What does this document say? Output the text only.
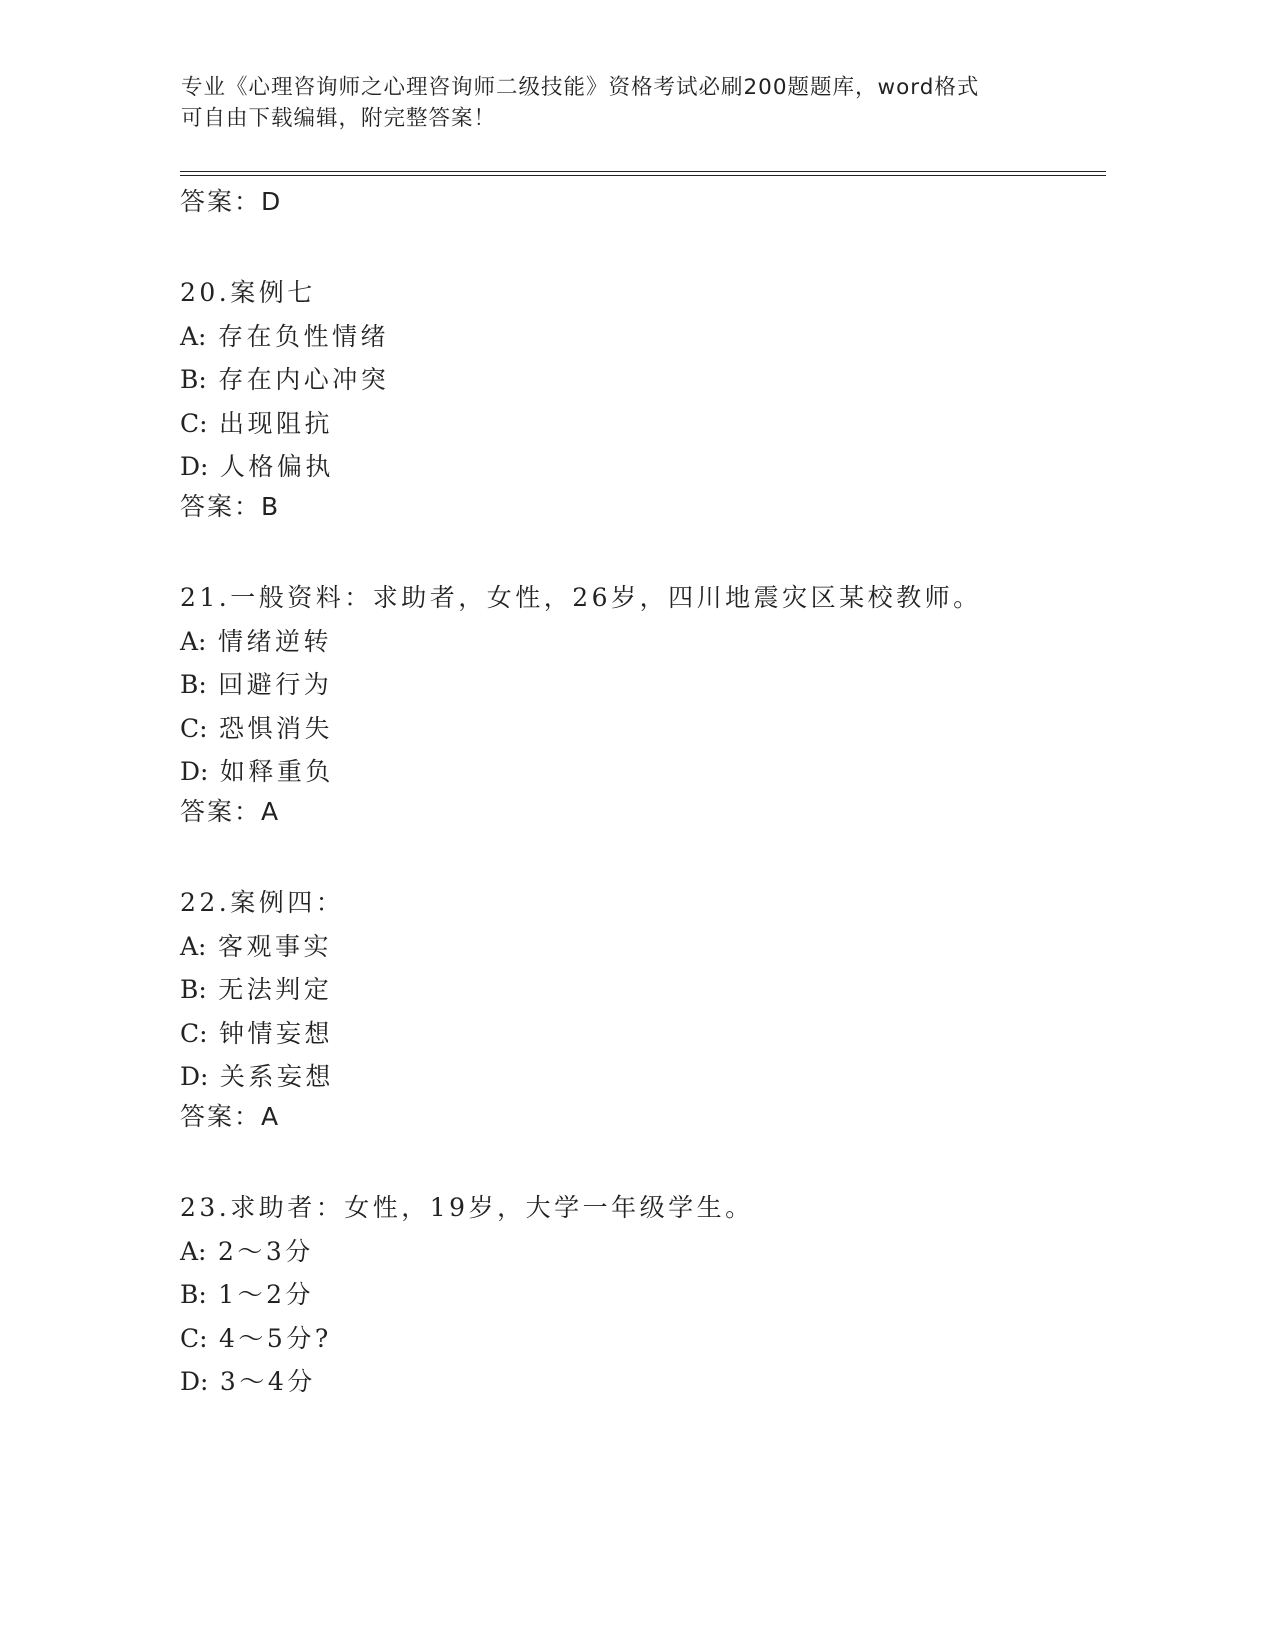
专业《心理咨询师之心理咨询师二级技能》资格考试必刷200题题库，word格式
可自由下载编辑，附完整答案！
答案：D
20.案例七
A: 存在负性情绪
B: 存在内心冲突
C: 出现阻抗
D: 人格偏执
答案：B
21.一般资料：求助者，女性，26岁，四川地震灾区某校教师。
A: 情绪逆转
B: 回避行为
C: 恐惧消失
D: 如释重负
答案：A
22.案例四：
A: 客观事实
B: 无法判定
C: 钟情妄想
D: 关系妄想
答案：A
23.求助者：女性，19岁，大学一年级学生。
A: 2～3分
B: 1～2分
C: 4～5分?
D: 3～4分
